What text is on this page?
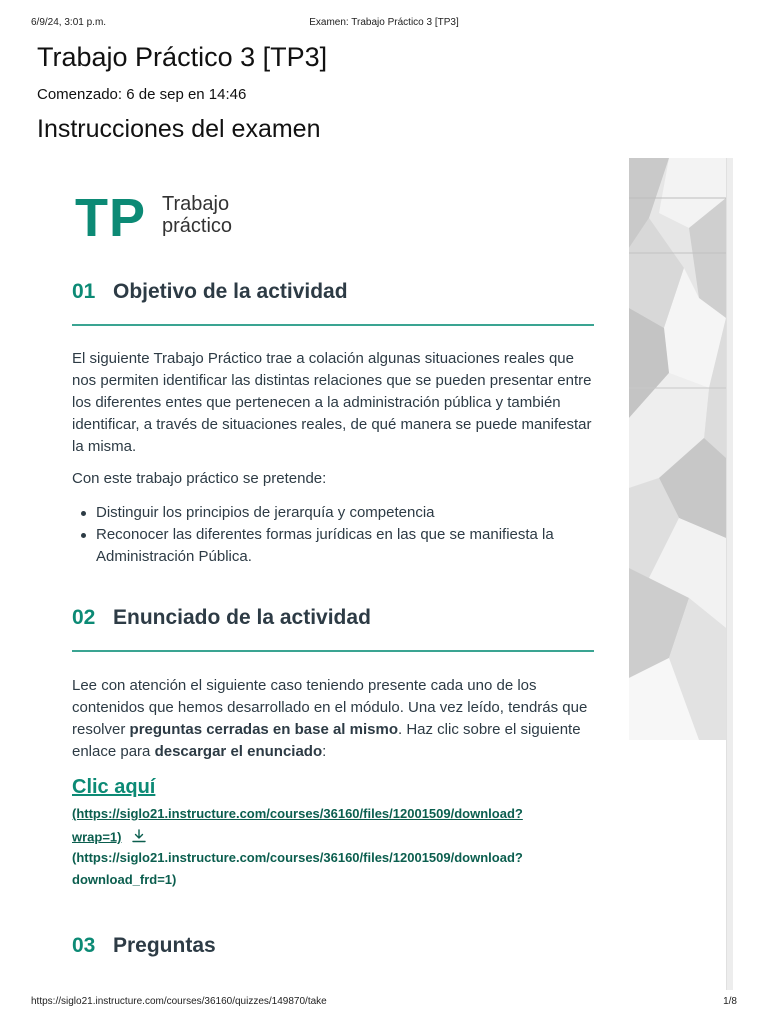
6/9/24, 3:01 p.m.	Examen: Trabajo Práctico 3 [TP3]
Trabajo Práctico 3 [TP3]
Comenzado: 6 de sep en 14:46
Instrucciones del examen
TP Trabajo
práctico
01 Objetivo de la actividad

El siguiente Trabajo Práctico trae a colación algunas situaciones reales que nos permiten identificar las distintas relaciones que se pueden presentar entre los diferentes entes que pertenecen a la administración pública y también identificar, a través de situaciones reales, de qué manera se puede manifestar la misma.

Con este trabajo práctico se pretende:

Distinguir los principios de jerarquía y competencia
Reconocer las diferentes formas jurídicas en las que se manifiesta la Administración Pública.
02 Enunciado de la actividad

Lee con atención el siguiente caso teniendo presente cada uno de los contenidos que hemos desarrollado en el módulo. Una vez leído, tendrás que resolver preguntas cerradas en base al mismo. Haz clic sobre el siguiente enlace para descargar el enunciado:

Clic aquí
(https://siglo21.instructure.com/courses/36160/files/12001509/download?
wrap=1)
(https://siglo21.instructure.com/courses/36160/files/12001509/download?
download_frd=1)
03 Preguntas
https://siglo21.instructure.com/courses/36160/quizzes/149870/take	1/8
